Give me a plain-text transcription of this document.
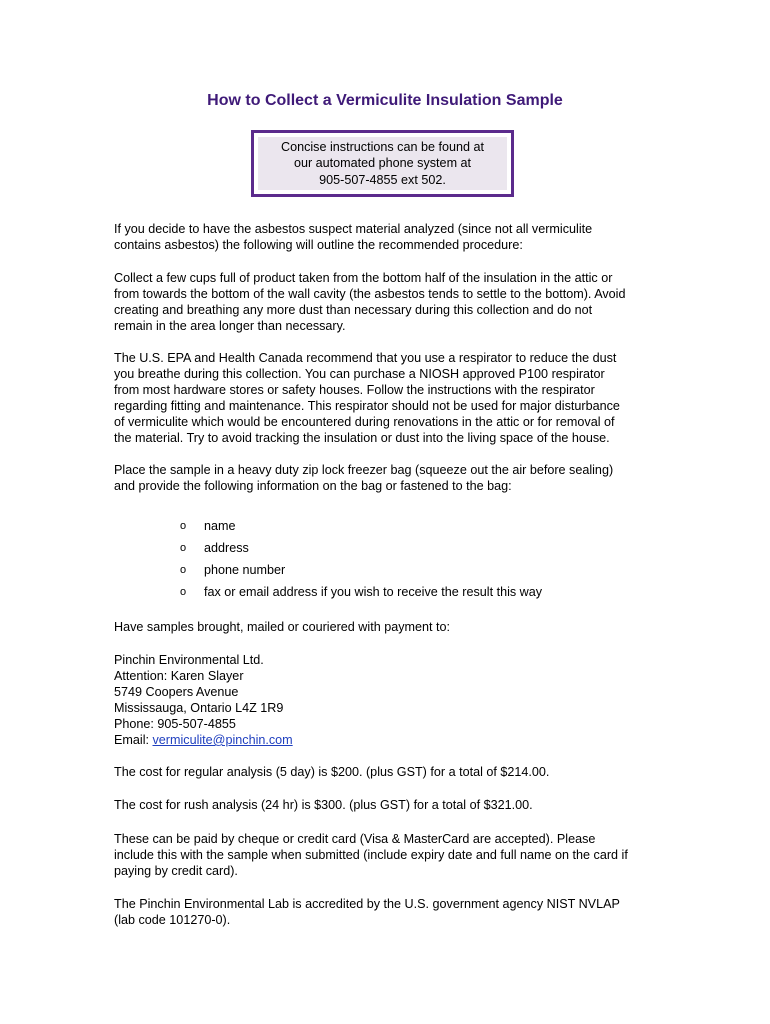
How to Collect a Vermiculite Insulation Sample
Concise instructions can be found at
our automated phone system at
905-507-4855 ext 502.
If you decide to have the asbestos suspect material analyzed (since not all vermiculite
contains asbestos) the following will outline the recommended procedure:
Collect a few cups full of product taken from the bottom half of the insulation in the attic or
from towards the bottom of the wall cavity (the asbestos tends to settle to the bottom). Avoid
creating and breathing any more dust than necessary during this collection and do not
remain in the area longer than necessary.
The U.S. EPA and Health Canada recommend that you use a respirator to reduce the dust
you breathe during this collection. You can purchase a NIOSH approved P100 respirator
from most hardware stores or safety houses. Follow the instructions with the respirator
regarding fitting and maintenance. This respirator should not be used for major disturbance
of vermiculite which would be encountered during renovations in the attic or for removal of
the material. Try to avoid tracking the insulation or dust into the living space of the house.
Place the sample in a heavy duty zip lock freezer bag (squeeze out the air before sealing)
and provide the following information on the bag or fastened to the bag:
o	name
o	address
o	phone number
o	fax or email address if you wish to receive the result this way
Have samples brought, mailed or couriered with payment to:
Pinchin Environmental Ltd.
Attention: Karen Slayer
5749 Coopers Avenue
Mississauga, Ontario L4Z 1R9
Phone: 905-507-4855
Email: vermiculite@pinchin.com
The cost for regular analysis (5 day) is $200. (plus GST) for a total of $214.00.
The cost for rush analysis (24 hr) is $300. (plus GST) for a total of $321.00.
These can be paid by cheque or credit card (Visa & MasterCard are accepted). Please
include this with the sample when submitted (include expiry date and full name on the card if
paying by credit card).
The Pinchin Environmental Lab is accredited by the U.S. government agency NIST NVLAP
(lab code 101270-0).
